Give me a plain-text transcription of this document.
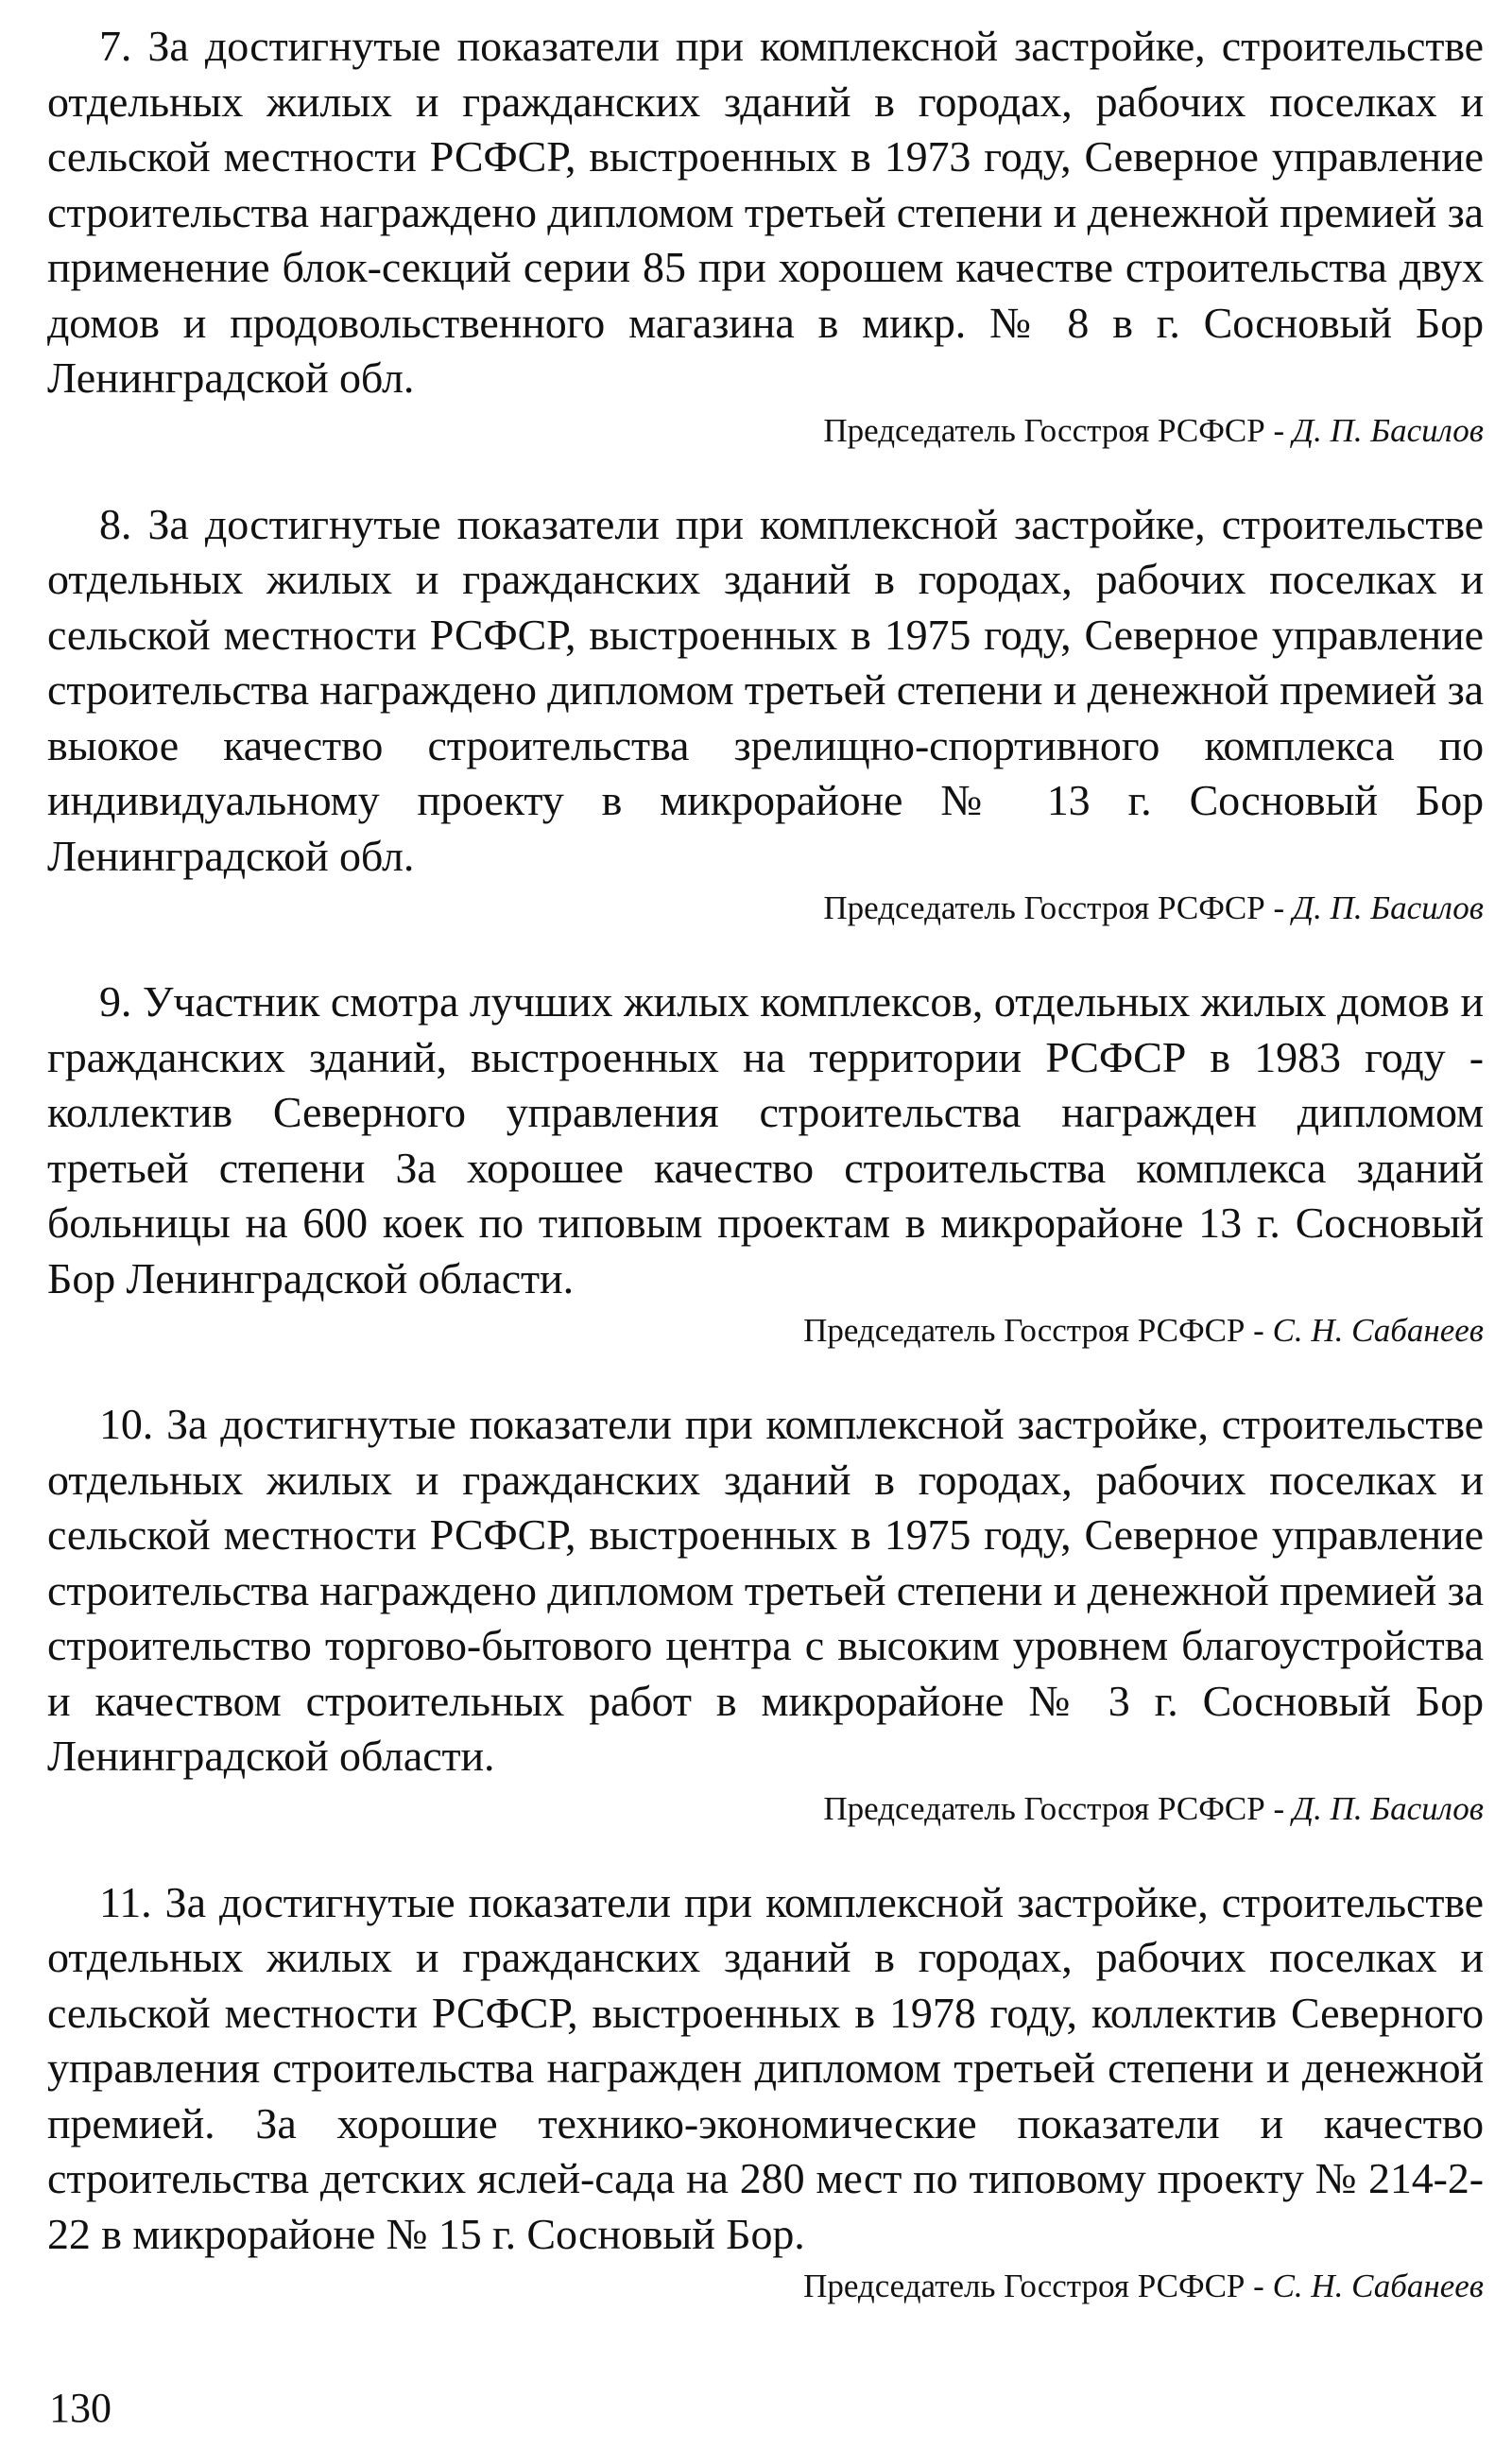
7. За достигнутые показатели при комплексной застройке, строительстве отдельных жилых и гражданских зданий в городах, рабочих поселках и сельской местности РСФСР, выстроенных в 1973 году, Северное управление строительства награждено дипломом третьей степени и денежной премией за применение блок-секций серии 85 при хорошем качестве строительства двух домов и продовольственного магазина в микр. № 8 в г. Сосновый Бор Ленинградской обл.

Председатель Госстроя РСФСР - Д. П. Басилов

8. За достигнутые показатели при комплексной застройке, строительстве отдельных жилых и гражданских зданий в городах, рабочих поселках и сельской местности РСФСР, выстроенных в 1975 году, Северное управление строительства награждено дипломом третьей степени и денежной премией за выокое качество строительства зрелищно-спортивного комплекса по индивидуальному проекту в микрорайоне № 13 г. Сосновый Бор Ленинградской обл.

Председатель Госстроя РСФСР - Д. П. Басилов

9. Участник смотра лучших жилых комплексов, отдельных жилых домов и гражданских зданий, выстроенных на территории РСФСР в 1983 году - коллектив Северного управления строительства награжден дипломом третьей степени За хорошее качество строительства комплекса зданий больницы на 600 коек по типовым проектам в микрорайоне 13 г. Сосновый Бор Ленинградской области.

Председатель Госстроя РСФСР - С. Н. Сабанеев

10. За достигнутые показатели при комплексной застройке, строительстве отдельных жилых и гражданских зданий в городах, рабочих поселках и сельской местности РСФСР, выстроенных в 1975 году, Северное управление строительства награждено дипломом третьей степени и денежной премией за строительство торгово-бытового центра с высоким уровнем благоустройства и качеством строительных работ в микрорайоне № 3 г. Сосновый Бор Ленинградской области.

Председатель Госстроя РСФСР - Д. П. Басилов

11. За достигнутые показатели при комплексной застройке, строительстве отдельных жилых и гражданских зданий в городах, рабочих поселках и сельской местности РСФСР, выстроенных в 1978 году, коллектив Северного управления строительства награжден дипломом третьей степени и денежной премией. За хорошие технико-экономические показатели и качество строительства детских яслей-сада на 280 мест по типовому проекту № 214-2-22 в микрорайоне № 15 г. Сосновый Бор.

Председатель Госстроя РСФСР - С. Н. Сабанеев

130
